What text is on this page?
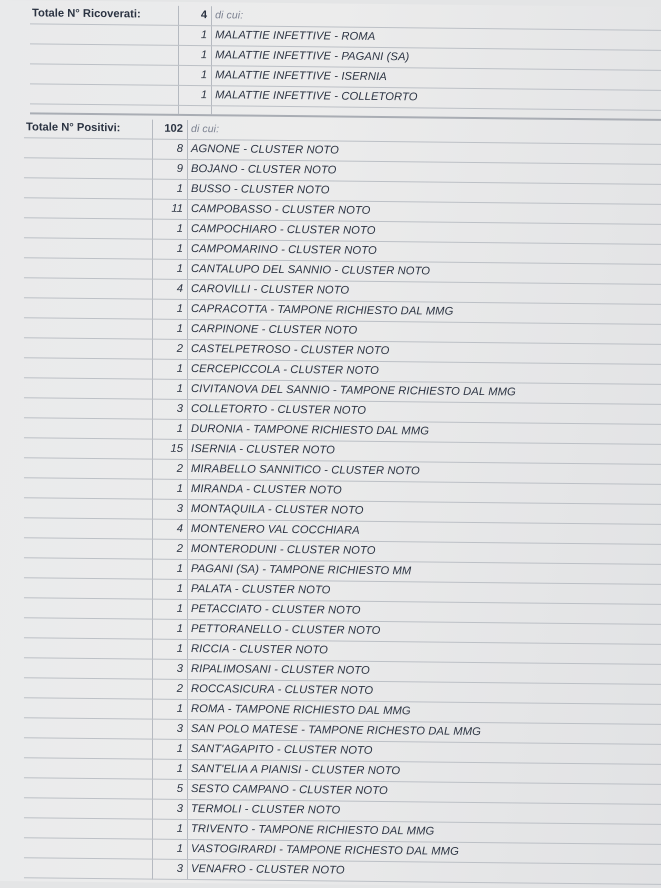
Totale N° Ricoverati:	4	di cui:
	1	MALATTIE INFETTIVE - ROMA
	1	MALATTIE INFETTIVE - PAGANI (SA)
	1	MALATTIE INFETTIVE - ISERNIA
	1	MALATTIE INFETTIVE - COLLETORTO

Totale N° Positivi:	102	di cui:
	8	AGNONE - CLUSTER NOTO
	9	BOJANO - CLUSTER NOTO
	1	BUSSO - CLUSTER NOTO
	11	CAMPOBASSO - CLUSTER NOTO
	1	CAMPOCHIARO - CLUSTER NOTO
	1	CAMPOMARINO - CLUSTER NOTO
	1	CANTALUPO DEL SANNIO - CLUSTER NOTO
	4	CAROVILLI - CLUSTER NOTO
	1	CAPRACOTTA - TAMPONE RICHIESTO DAL MMG
	1	CARPINONE - CLUSTER NOTO
	2	CASTELPETROSO - CLUSTER NOTO
	1	CERCEPICCOLA - CLUSTER NOTO
	1	CIVITANOVA DEL SANNIO - TAMPONE RICHIESTO DAL MMG
	3	COLLETORTO - CLUSTER NOTO
	1	DURONIA - TAMPONE RICHIESTO DAL MMG
	15	ISERNIA - CLUSTER NOTO
	2	MIRABELLO SANNITICO - CLUSTER NOTO
	1	MIRANDA - CLUSTER NOTO
	3	MONTAQUILA - CLUSTER NOTO
	4	MONTENERO VAL COCCHIARA
	2	MONTERODUNI - CLUSTER NOTO
	1	PAGANI (SA) - TAMPONE RICHIESTO MM
	1	PALATA - CLUSTER NOTO
	1	PETACCIATO - CLUSTER NOTO
	1	PETTORANELLO - CLUSTER NOTO
	1	RICCIA - CLUSTER NOTO
	3	RIPALIMOSANI - CLUSTER NOTO
	2	ROCCASICURA - CLUSTER NOTO
	1	ROMA - TAMPONE RICHIESTO DAL MMG
	3	SAN POLO MATESE - TAMPONE RICHESTO DAL MMG
	1	SANT'AGAPITO - CLUSTER NOTO
	1	SANT'ELIA A PIANISI - CLUSTER NOTO
	5	SESTO CAMPANO - CLUSTER NOTO
	3	TERMOLI - CLUSTER NOTO
	1	TRIVENTO - TAMPONE RICHIESTO DAL MMG
	1	VASTOGIRARDI - TAMPONE RICHESTO DAL MMG
	3	VENAFRO - CLUSTER NOTO
